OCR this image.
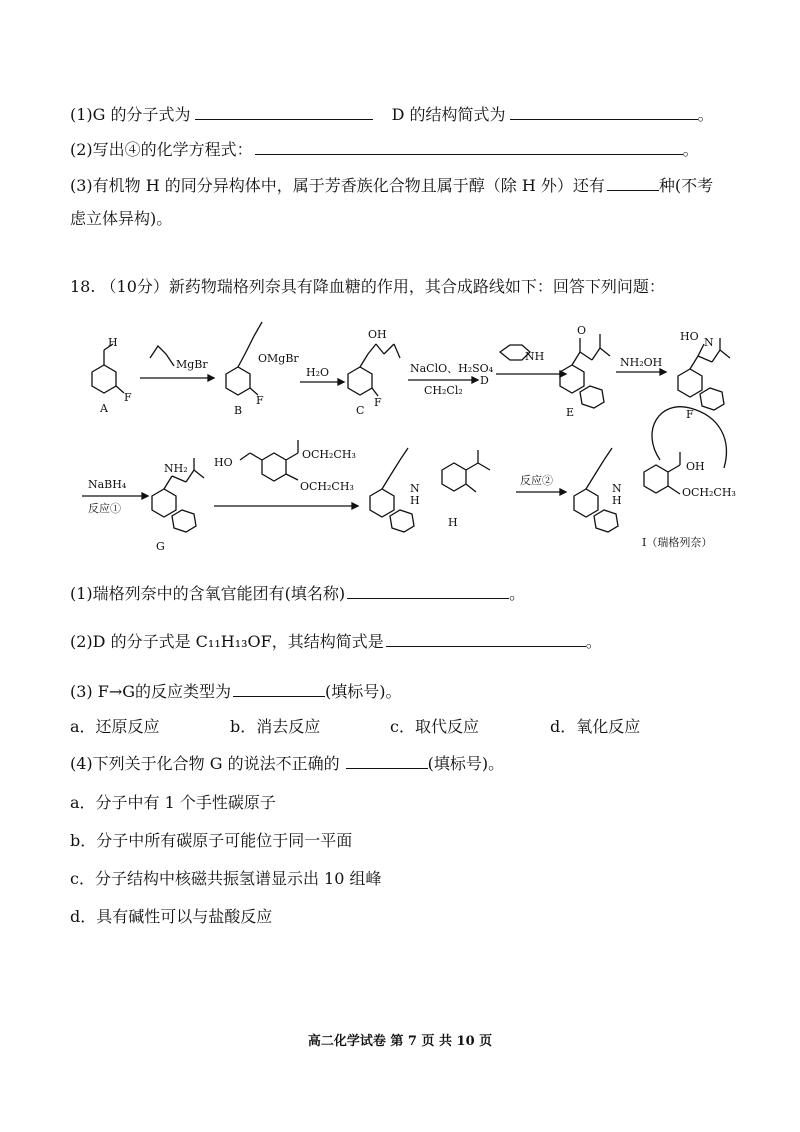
(1)G 的分子式为	D 的结构简式为	。
(2)写出④的化学方程式：	。
(3)有机物 H 的同分异构体中，属于芳香族化合物且属于醇（除 H 外）还有	种(不考
虑立体异构)。
18. （10分）新药物瑞格列奈具有降血糖的作用，其合成路线如下：回答下列问题：
H
F
A
MgBr	OMgBr
F
B
H₂O
OH
F
C
NaClO、H₂SO₄
CH₂Cl₂
D
NH
O
E
NH₂OH
HO N
F
NaBH₄
反应①
NH₂
G
HO
OCH₂CH₃
OCH₂CH₃	N
H
H
反应②
N
H
OH
OCH₂CH₃
I（瑞格列奈）
(1)瑞格列奈中的含氧官能团有(填名称)	。
(2)D 的分子式是 C₁₁H₁₃OF，其结构简式是	。
(3) F→G的反应类型为	(填标号)。
a．还原反应	b．消去反应	c．取代反应	d．氧化反应
(4)下列关于化合物 G 的说法不正确的	(填标号)。
a．分子中有 1 个手性碳原子
b．分子中所有碳原子可能位于同一平面
c．分子结构中核磁共振氢谱显示出 10 组峰
d．具有碱性可以与盐酸反应
高二化学试卷 第 7 页 共 10 页
